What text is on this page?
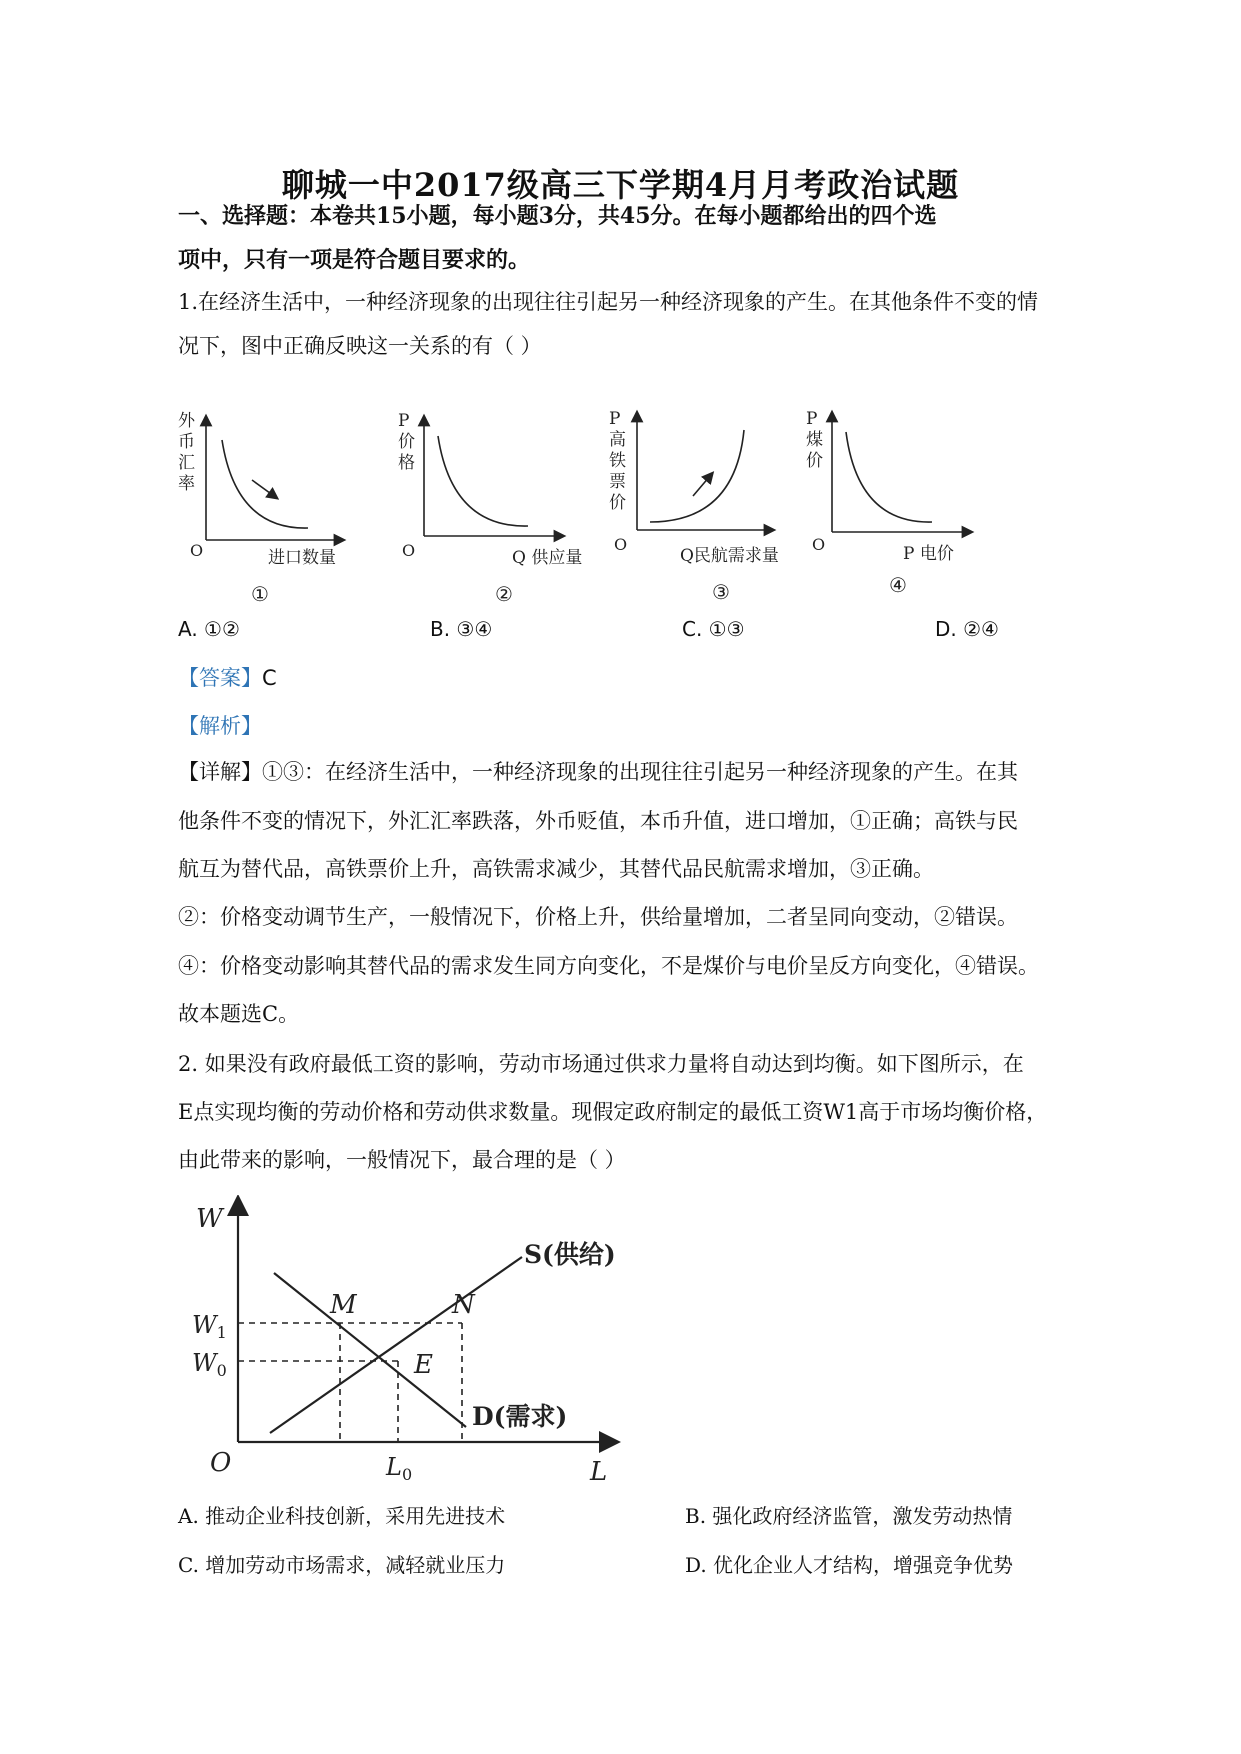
聊城一中2017级高三下学期4月月考政治试题
一、选择题：本卷共15小题，每小题3分，共45分。在每小题都给出的四个选
项中，只有一项是符合题目要求的。
1.在经济生活中，一种经济现象的出现往往引起另一种经济现象的产生。在其他条件不变的情
况下，图中正确反映这一关系的有（ ）
外
币
汇
率
O	进口数量
①
P
价
格
O	Q 供应量
②
P
高
铁
票
价
O
Q民航需求量
③
P
煤
价
O	P 电价
④
A. ①②	B. ③④	C. ①③	D. ②④
【答案】C
【解析】
【详解】①③：在经济生活中，一种经济现象的出现往往引起另一种经济现象的产生。在其
他条件不变的情况下，外汇汇率跌落，外币贬值，本币升值，进口增加，①正确；高铁与民
航互为替代品，高铁票价上升，高铁需求减少，其替代品民航需求增加，③正确。
②：价格变动调节生产，一般情况下，价格上升，供给量增加，二者呈同向变动，②错误。
④：价格变动影响其替代品的需求发生同方向变化，不是煤价与电价呈反方向变化，④错误。
故本题选C。
2. 如果没有政府最低工资的影响，劳动市场通过供求力量将自动达到均衡。如下图所示，在
E点实现均衡的劳动价格和劳动供求数量。现假定政府制定的最低工资W1高于市场均衡价格，
由此带来的影响，一般情况下，最合理的是（ ）
W
L
O
M	N
E
$W_1$
$W_0$
$L_0$
S(供给)
D(需求)
A. 推动企业科技创新，采用先进技术	B. 强化政府经济监管，激发劳动热情
C. 增加劳动市场需求，减轻就业压力	D. 优化企业人才结构，增强竞争优势
